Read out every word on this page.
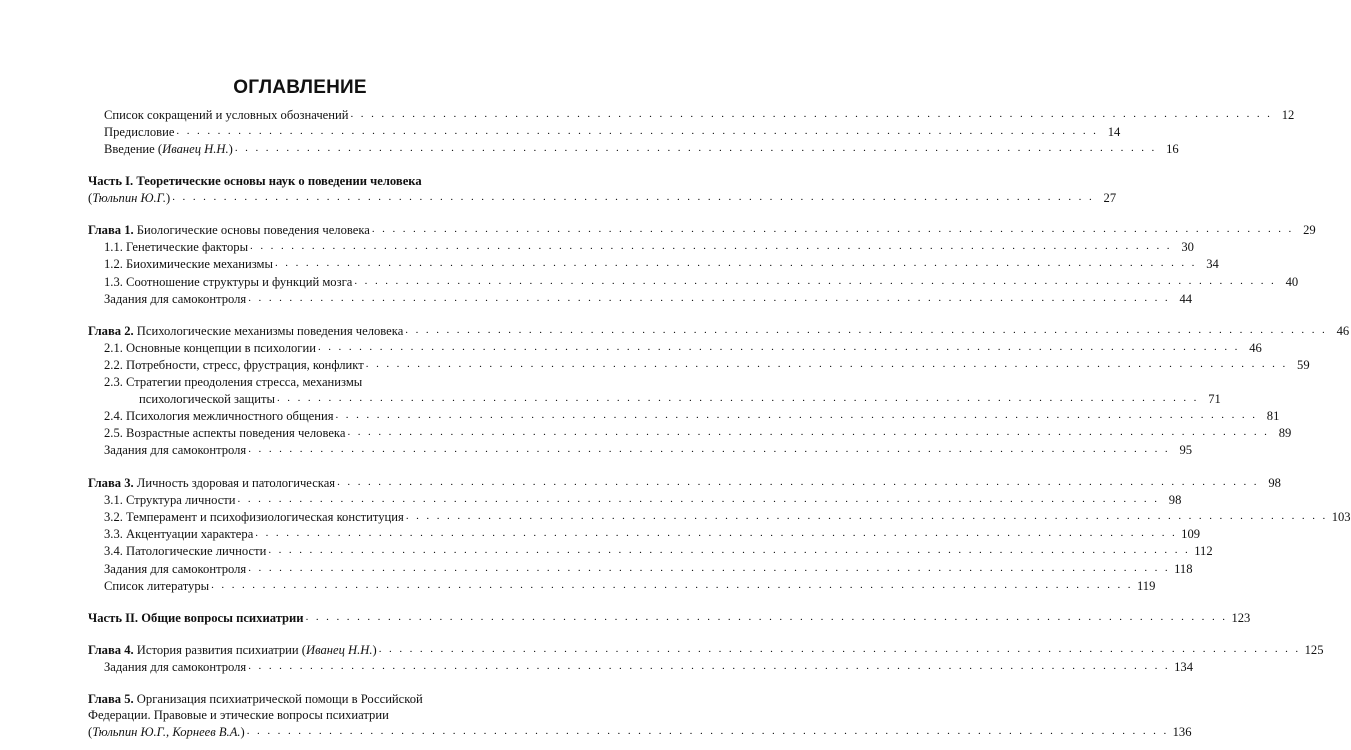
ОГЛАВЛЕНИЕ
Список сокращений и условных обозначений . . . . . . . . . . . . . . . . . . . . . . . . . . . . . . . . . . . . . . . . . . . . . . . . . . . . . . . . . . . . . . . . . . . . . . . . . . . . . . . . . . . . . . . . . . 12
Предисловие . . . . . . . . . . . . . . . . . . . . . . . . . . . . . . . . . . . . . . . . . . . . . . . . . . . . . . . . . . . . . . . . . . . . . . . . . . . . . . . . . . . . . . . . . . 14
Введение (Иванец Н.Н.) . . . . . . . . . . . . . . . . . . . . . . . . . . . . . . . . . . . . . . . . . . . . . . . . . . . . . . . . . . . . . . . . . . . . . . . . . . . . . . . . . . . . . . . . . . 16
Часть I. Теоретические основы наук о поведении человека
(Тюльпин Ю.Г.) . . . . . . . . . . . . . . . . . . . . . . . . . . . . . . . . . . . . . . . . . . . . . . . . . . . . . . . . . . . . . . . . . . . . . . . . . . . . . . . . . . . . . . . . . . 27
Глава 1. Биологические основы поведения человека . . . . . . . . . . . . . . . . . . . . . . . . . . . . . . . . . . . . . . . . . . . . . . . . . . . . . . . . . . . . . . . . . . . . . . . . . . . . . . . . . . . . . . . . . . 29
1.1. Генетические факторы . . . . . . . . . . . . . . . . . . . . . . . . . . . . . . . . . . . . . . . . . . . . . . . . . . . . . . . . . . . . . . . . . . . . . . . . . . . . . . . . . . . . . . . . . . 30
1.2. Биохимические механизмы . . . . . . . . . . . . . . . . . . . . . . . . . . . . . . . . . . . . . . . . . . . . . . . . . . . . . . . . . . . . . . . . . . . . . . . . . . . . . . . . . . . . . . . . . . 34
1.3. Соотношение структуры и функций мозга . . . . . . . . . . . . . . . . . . . . . . . . . . . . . . . . . . . . . . . . . . . . . . . . . . . . . . . . . . . . . . . . . . . . . . . . . . . . . . . . . . . . . . . . . . 40
Задания для самоконтроля . . . . . . . . . . . . . . . . . . . . . . . . . . . . . . . . . . . . . . . . . . . . . . . . . . . . . . . . . . . . . . . . . . . . . . . . . . . . . . . . . . . . . . . . . . 44
Глава 2. Психологические механизмы поведения человека . . . . . . . . . . . . . . . . . . . . . . . . . . . . . . . . . . . . . . . . . . . . . . . . . . . . . . . . . . . . . . . . . . . . . . . . . . . . . . . . . . . . . . . . . . 46
2.1. Основные концепции в психологии . . . . . . . . . . . . . . . . . . . . . . . . . . . . . . . . . . . . . . . . . . . . . . . . . . . . . . . . . . . . . . . . . . . . . . . . . . . . . . . . . . . . . . . . . . 46
2.2. Потребности, стресс, фрустрация, конфликт . . . . . . . . . . . . . . . . . . . . . . . . . . . . . . . . . . . . . . . . . . . . . . . . . . . . . . . . . . . . . . . . . . . . . . . . . . . . . . . . . . . . . . . . . . 59
2.3. Стратегии преодоления стресса, механизмы
психологической защиты . . . . . . . . . . . . . . . . . . . . . . . . . . . . . . . . . . . . . . . . . . . . . . . . . . . . . . . . . . . . . . . . . . . . . . . . . . . . . . . . . . . . . . . . . . 71
2.4. Психология межличностного общения . . . . . . . . . . . . . . . . . . . . . . . . . . . . . . . . . . . . . . . . . . . . . . . . . . . . . . . . . . . . . . . . . . . . . . . . . . . . . . . . . . . . . . . . . . 81
2.5. Возрастные аспекты поведения человека . . . . . . . . . . . . . . . . . . . . . . . . . . . . . . . . . . . . . . . . . . . . . . . . . . . . . . . . . . . . . . . . . . . . . . . . . . . . . . . . . . . . . . . . . . 89
Задания для самоконтроля . . . . . . . . . . . . . . . . . . . . . . . . . . . . . . . . . . . . . . . . . . . . . . . . . . . . . . . . . . . . . . . . . . . . . . . . . . . . . . . . . . . . . . . . . . 95
Глава 3. Личность здоровая и патологическая . . . . . . . . . . . . . . . . . . . . . . . . . . . . . . . . . . . . . . . . . . . . . . . . . . . . . . . . . . . . . . . . . . . . . . . . . . . . . . . . . . . . . . . . . . 98
3.1. Структура личности . . . . . . . . . . . . . . . . . . . . . . . . . . . . . . . . . . . . . . . . . . . . . . . . . . . . . . . . . . . . . . . . . . . . . . . . . . . . . . . . . . . . . . . . . . 98
3.2. Темперамент и психофизиологическая конституция . . . . . . . . . . . . . . . . . . . . . . . . . . . . . . . . . . . . . . . . . . . . . . . . . . . . . . . . . . . . . . . . . . . . . . . . . . . . . . . . . . . . . . . . . . 103
3.3. Акцентуации характера . . . . . . . . . . . . . . . . . . . . . . . . . . . . . . . . . . . . . . . . . . . . . . . . . . . . . . . . . . . . . . . . . . . . . . . . . . . . . . . . . . . . . . . . . . 109
3.4. Патологические личности . . . . . . . . . . . . . . . . . . . . . . . . . . . . . . . . . . . . . . . . . . . . . . . . . . . . . . . . . . . . . . . . . . . . . . . . . . . . . . . . . . . . . . . . . . 112
Задания для самоконтроля . . . . . . . . . . . . . . . . . . . . . . . . . . . . . . . . . . . . . . . . . . . . . . . . . . . . . . . . . . . . . . . . . . . . . . . . . . . . . . . . . . . . . . . . . . 118
Список литературы . . . . . . . . . . . . . . . . . . . . . . . . . . . . . . . . . . . . . . . . . . . . . . . . . . . . . . . . . . . . . . . . . . . . . . . . . . . . . . . . . . . . . . . . . . 119
Часть II. Общие вопросы психиатрии . . . . . . . . . . . . . . . . . . . . . . . . . . . . . . . . . . . . . . . . . . . . . . . . . . . . . . . . . . . . . . . . . . . . . . . . . . . . . . . . . . . . . . . . . . 123
Глава 4. История развития психиатрии (Иванец Н.Н.) . . . . . . . . . . . . . . . . . . . . . . . . . . . . . . . . . . . . . . . . . . . . . . . . . . . . . . . . . . . . . . . . . . . . . . . . . . . . . . . . . . . . . . . . . . 125
Задания для самоконтроля . . . . . . . . . . . . . . . . . . . . . . . . . . . . . . . . . . . . . . . . . . . . . . . . . . . . . . . . . . . . . . . . . . . . . . . . . . . . . . . . . . . . . . . . . . 134
Глава 5. Организация психиатрической помощи в Российской
Федерации. Правовые и этические вопросы психиатрии
(Тюльпин Ю.Г., Корнеев В.А.) . . . . . . . . . . . . . . . . . . . . . . . . . . . . . . . . . . . . . . . . . . . . . . . . . . . . . . . . . . . . . . . . . . . . . . . . . . . . . . . . . . . . . . . . . . 136
